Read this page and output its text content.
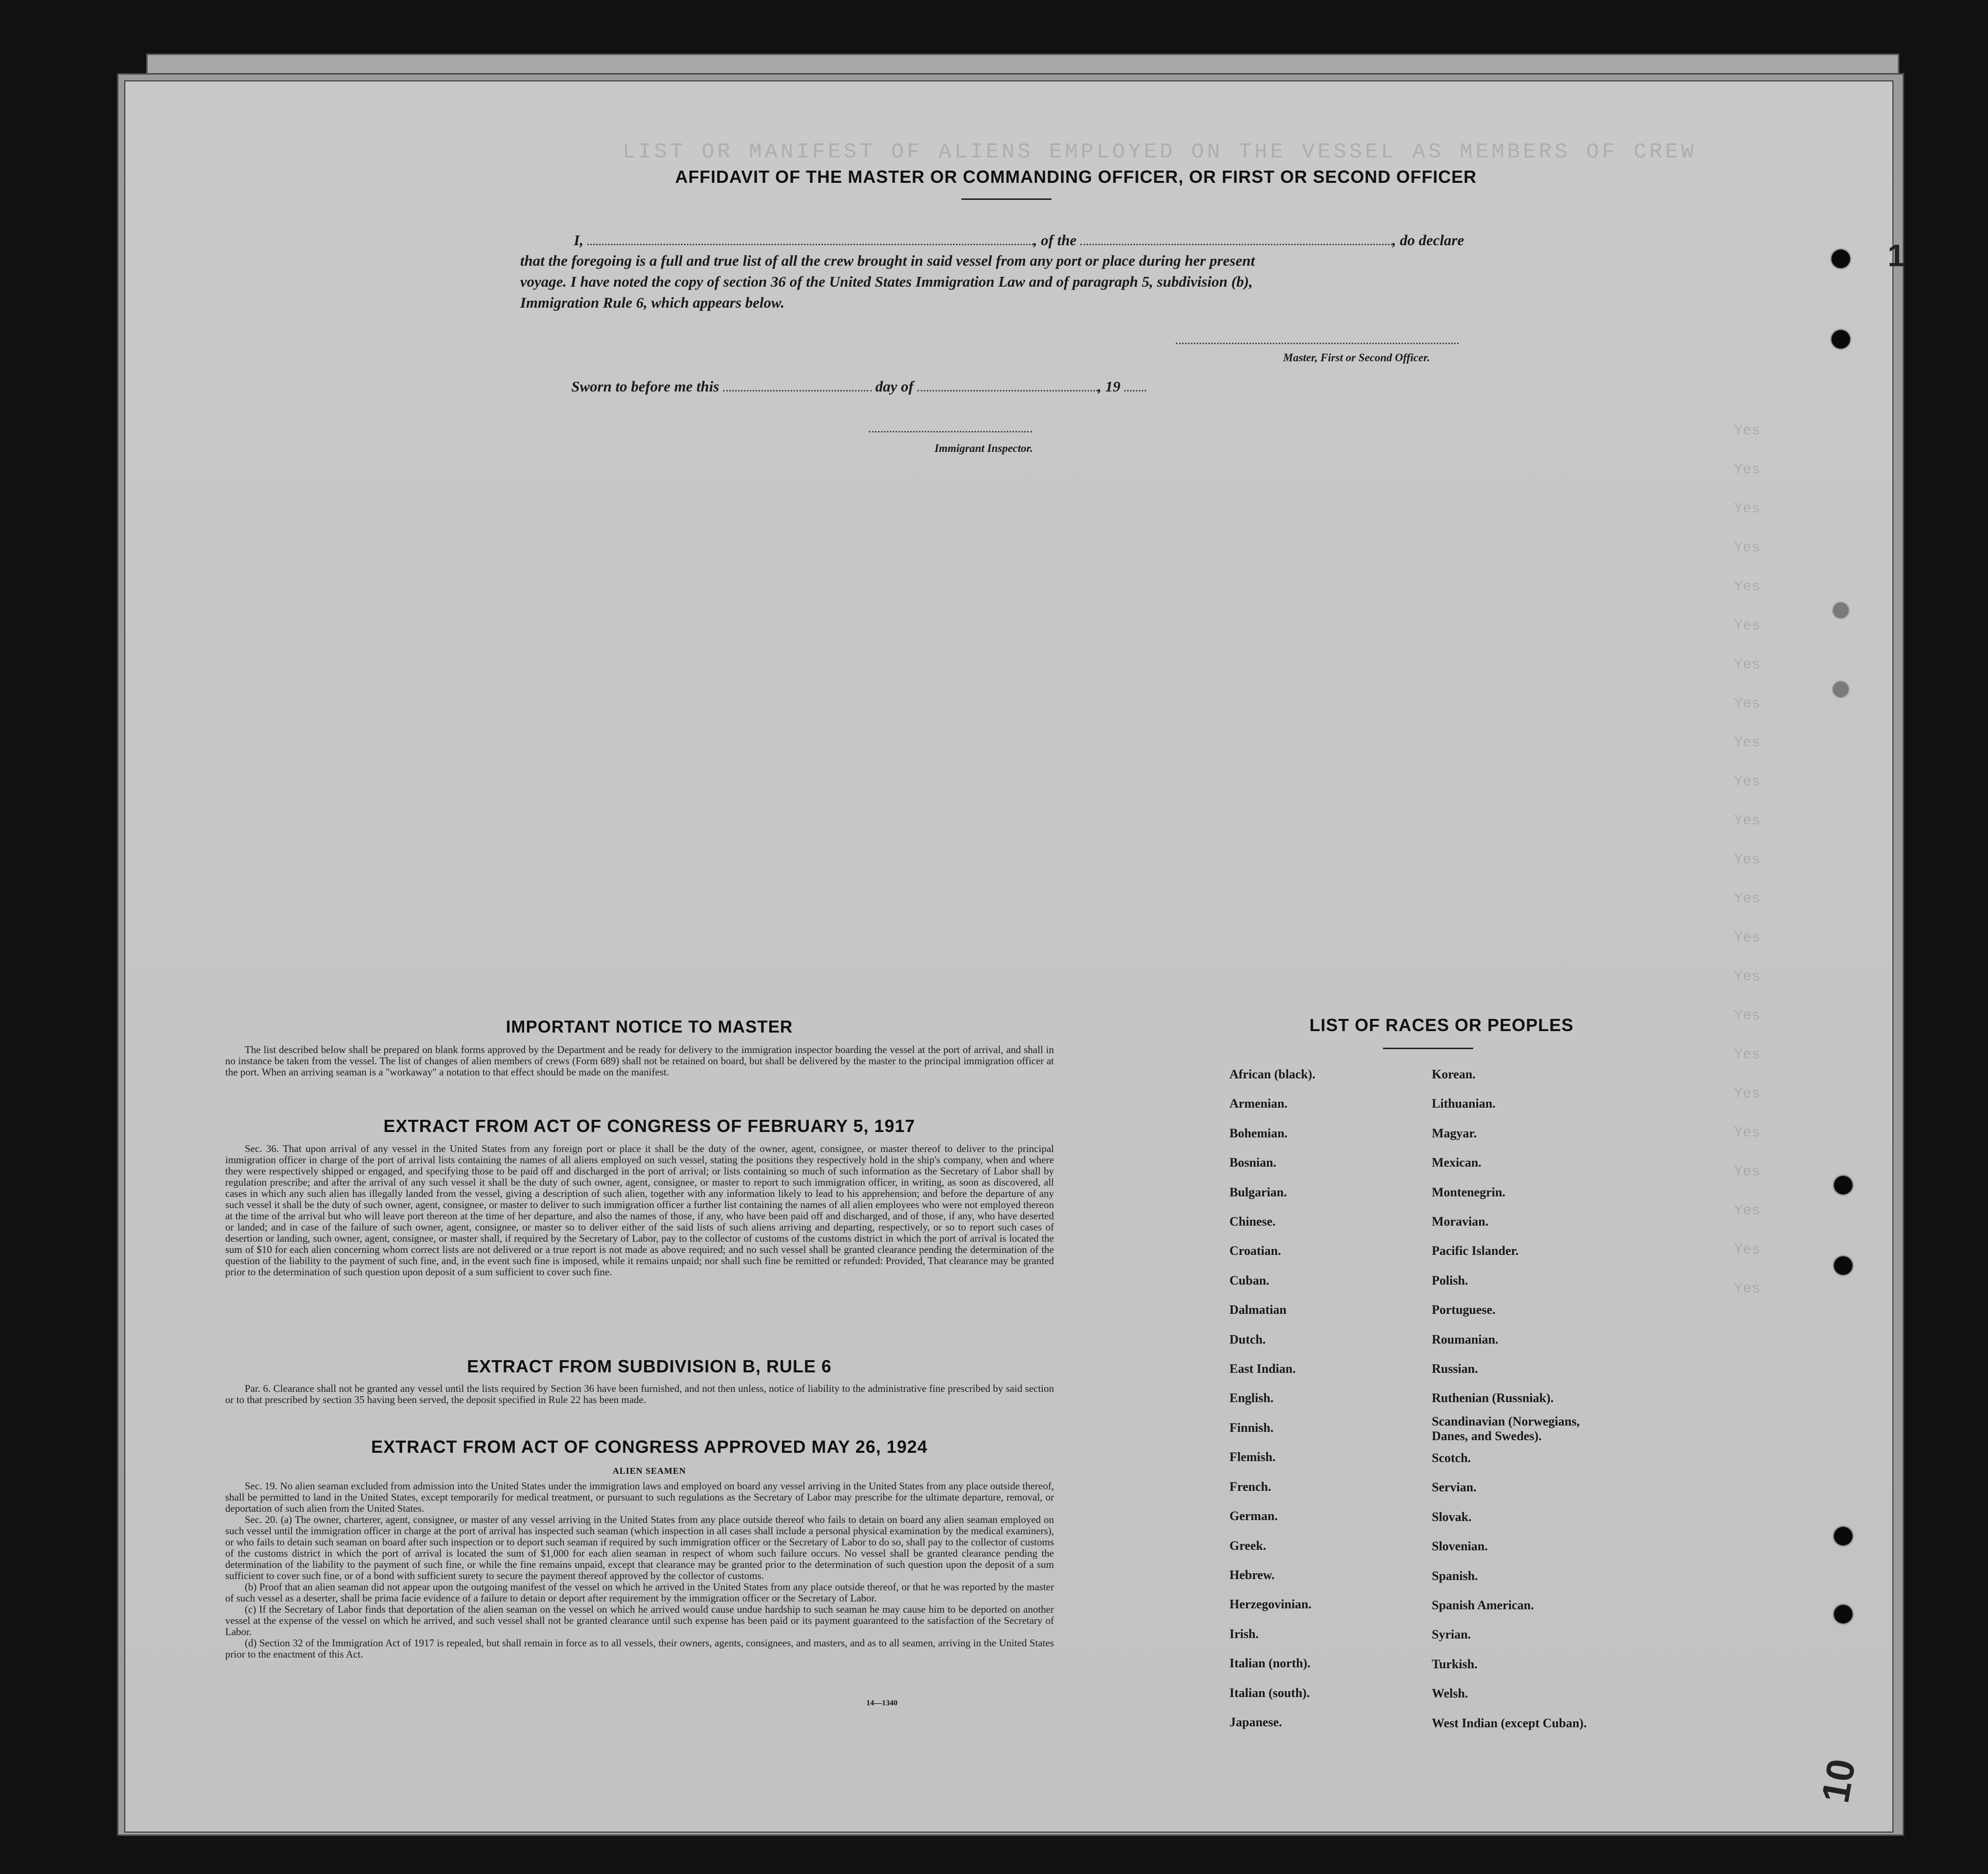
LIST OR MANIFEST OF ALIENS EMPLOYED ON THE VESSEL AS MEMBERS OF CREW
Yes
Yes
Yes
Yes
Yes
Yes
Yes
Yes
Yes
Yes
Yes
Yes
Yes
Yes
Yes
Yes
Yes
Yes
Yes
Yes
Yes
Yes
Yes
AFFIDAVIT OF THE MASTER OR COMMANDING OFFICER, OR FIRST OR SECOND OFFICER
I,	, of the	, do declare
that the foregoing is a full and true list of all the crew brought in said vessel from any port or place during her present
voyage. I have noted the copy of section 36 of the United States Immigration Law and of paragraph 5, subdivision (b),
Immigration Rule 6, which appears below.
Master, First or Second Officer.
Sworn to before me this	day of	, 19
Immigrant Inspector.
IMPORTANT NOTICE TO MASTER

The list described below shall be prepared on blank forms approved by the Department and be ready for delivery to the immigration inspector boarding the vessel at the port of arrival, and shall in no instance be taken from the vessel. The list of changes of alien members of crews (Form 689) shall not be retained on board, but shall be delivered by the master to the principal immigration officer at the port. When an arriving seaman is a "workaway" a notation to that effect should be made on the manifest.

EXTRACT FROM ACT OF CONGRESS OF FEBRUARY 5, 1917

Sec. 36. That upon arrival of any vessel in the United States from any foreign port or place it shall be the duty of the owner, agent, consignee, or master thereof to deliver to the principal immigration officer in charge of the port of arrival lists containing the names of all aliens employed on such vessel, stating the positions they respectively hold in the ship's company, when and where they were respectively shipped or engaged, and specifying those to be paid off and discharged in the port of arrival; or lists containing so much of such information as the Secretary of Labor shall by regulation prescribe; and after the arrival of any such vessel it shall be the duty of such owner, agent, consignee, or master to report to such immigration officer, in writing, as soon as discovered, all cases in which any such alien has illegally landed from the vessel, giving a description of such alien, together with any information likely to lead to his apprehension; and before the departure of any such vessel it shall be the duty of such owner, agent, consignee, or master to deliver to such immigration officer a further list containing the names of all alien employees who were not employed thereon at the time of the arrival but who will leave port thereon at the time of her departure, and also the names of those, if any, who have been paid off and discharged, and of those, if any, who have deserted or landed; and in case of the failure of such owner, agent, consignee, or master so to deliver either of the said lists of such aliens arriving and departing, respectively, or so to report such cases of desertion or landing, such owner, agent, consignee, or master shall, if required by the Secretary of Labor, pay to the collector of customs of the customs district in which the port of arrival is located the sum of $10 for each alien concerning whom correct lists are not delivered or a true report is not made as above required; and no such vessel shall be granted clearance pending the determination of the question of the liability to the payment of such fine, and, in the event such fine is imposed, while it remains unpaid; nor shall such fine be remitted or refunded: Provided, That clearance may be granted prior to the determination of such question upon deposit of a sum sufficient to cover such fine.

EXTRACT FROM SUBDIVISION B, RULE 6

Par. 6. Clearance shall not be granted any vessel until the lists required by Section 36 have been furnished, and not then unless, notice of liability to the administrative fine prescribed by said section or to that prescribed by section 35 having been served, the deposit specified in Rule 22 has been made.

EXTRACT FROM ACT OF CONGRESS APPROVED MAY 26, 1924
ALIEN SEAMEN

Sec. 19. No alien seaman excluded from admission into the United States under the immigration laws and employed on board any vessel arriving in the United States from any place outside thereof, shall be permitted to land in the United States, except temporarily for medical treatment, or pursuant to such regulations as the Secretary of Labor may prescribe for the ultimate departure, removal, or deportation of such alien from the United States.

Sec. 20. (a) The owner, charterer, agent, consignee, or master of any vessel arriving in the United States from any place outside thereof who fails to detain on board any alien seaman employed on such vessel until the immigration officer in charge at the port of arrival has inspected such seaman (which inspection in all cases shall include a personal physical examination by the medical examiners), or who fails to detain such seaman on board after such inspection or to deport such seaman if required by such immigration officer or the Secretary of Labor to do so, shall pay to the collector of customs of the customs district in which the port of arrival is located the sum of $1,000 for each alien seaman in respect of whom such failure occurs. No vessel shall be granted clearance pending the determination of the liability to the payment of such fine, or while the fine remains unpaid, except that clearance may be granted prior to the determination of such question upon the deposit of a sum sufficient to cover such fine, or of a bond with sufficient surety to secure the payment thereof approved by the collector of customs.

(b) Proof that an alien seaman did not appear upon the outgoing manifest of the vessel on which he arrived in the United States from any place outside thereof, or that he was reported by the master of such vessel as a deserter, shall be prima facie evidence of a failure to detain or deport after requirement by the immigration officer or the Secretary of Labor.

(c) If the Secretary of Labor finds that deportation of the alien seaman on the vessel on which he arrived would cause undue hardship to such seaman he may cause him to be deported on another vessel at the expense of the vessel on which he arrived, and such vessel shall not be granted clearance until such expense has been paid or its payment guaranteed to the satisfaction of the Secretary of Labor.

(d) Section 32 of the Immigration Act of 1917 is repealed, but shall remain in force as to all vessels, their owners, agents, consignees, and masters, and as to all seamen, arriving in the United States prior to the enactment of this Act.

14—1340
LIST OF RACES OR PEOPLES
African (black).
Armenian.
Bohemian.
Bosnian.
Bulgarian.
Chinese.
Croatian.
Cuban.
Dalmatian
Dutch.
East Indian.
English.
Finnish.
Flemish.
French.
German.
Greek.
Hebrew.
Herzegovinian.
Irish.
Italian (north).
Italian (south).
Japanese.
Korean.
Lithuanian.
Magyar.
Mexican.
Montenegrin.
Moravian.
Pacific Islander.
Polish.
Portuguese.
Roumanian.
Russian.
Ruthenian (Russniak).
Scandinavian (Norwegians, Danes, and Swedes).
Scotch.
Servian.
Slovak.
Slovenian.
Spanish.
Spanish American.
Syrian.
Turkish.
Welsh.
West Indian (except Cuban).
1
10
